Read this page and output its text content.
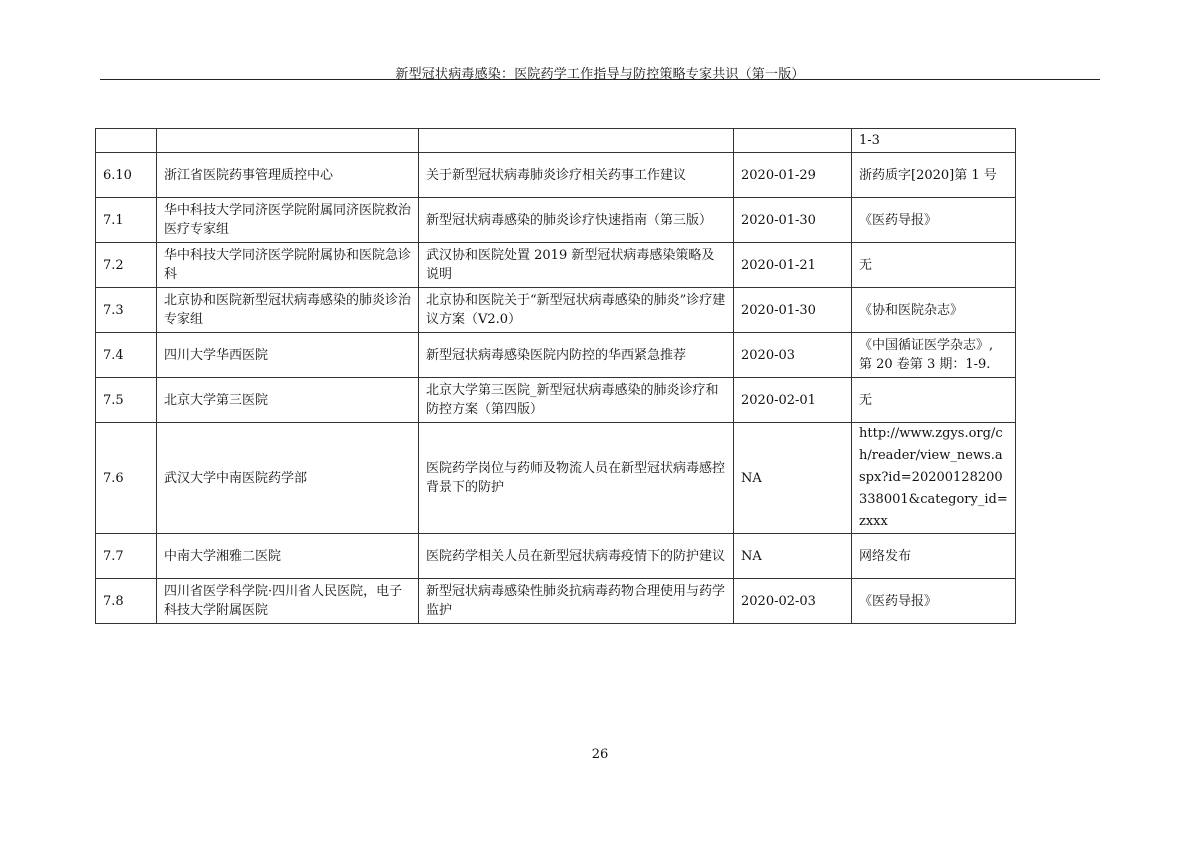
新型冠状病毒感染：医院药学工作指导与防控策略专家共识（第一版）
				1-3
6.10	浙江省医院药事管理质控中心	关于新型冠状病毒肺炎诊疗相关药事工作建议	2020-01-29	浙药质字[2020]第 1 号
7.1	华中科技大学同济医学院附属同济医院救治医疗专家组	新型冠状病毒感染的肺炎诊疗快速指南（第三版）	2020-01-30	《医药导报》
7.2	华中科技大学同济医学院附属协和医院急诊科	武汉协和医院处置 2019 新型冠状病毒感染策略及说明	2020-01-21	无
7.3	北京协和医院新型冠状病毒感染的肺炎诊治专家组	北京协和医院关于“新型冠状病毒感染的肺炎”诊疗建议方案（V2.0）	2020-01-30	《协和医院杂志》
7.4	四川大学华西医院	新型冠状病毒感染医院内防控的华西紧急推荐	2020-03	《中国循证医学杂志》, 第 20 卷第 3 期：1-9.
7.5	北京大学第三医院	北京大学第三医院_新型冠状病毒感染的肺炎诊疗和防控方案（第四版）	2020-02-01	无
7.6	武汉大学中南医院药学部	医院药学岗位与药师及物流人员在新型冠状病毒感控背景下的防护	NA	http://www.zgys.org/ch/reader/view_news.aspx?id=20200128200338001&category_id=zxxx
7.7	中南大学湘雅二医院	医院药学相关人员在新型冠状病毒疫情下的防护建议	NA	网络发布
7.8	四川省医学科学院·四川省人民医院，电子科技大学附属医院	新型冠状病毒感染性肺炎抗病毒药物合理使用与药学监护	2020-02-03	《医药导报》
26
